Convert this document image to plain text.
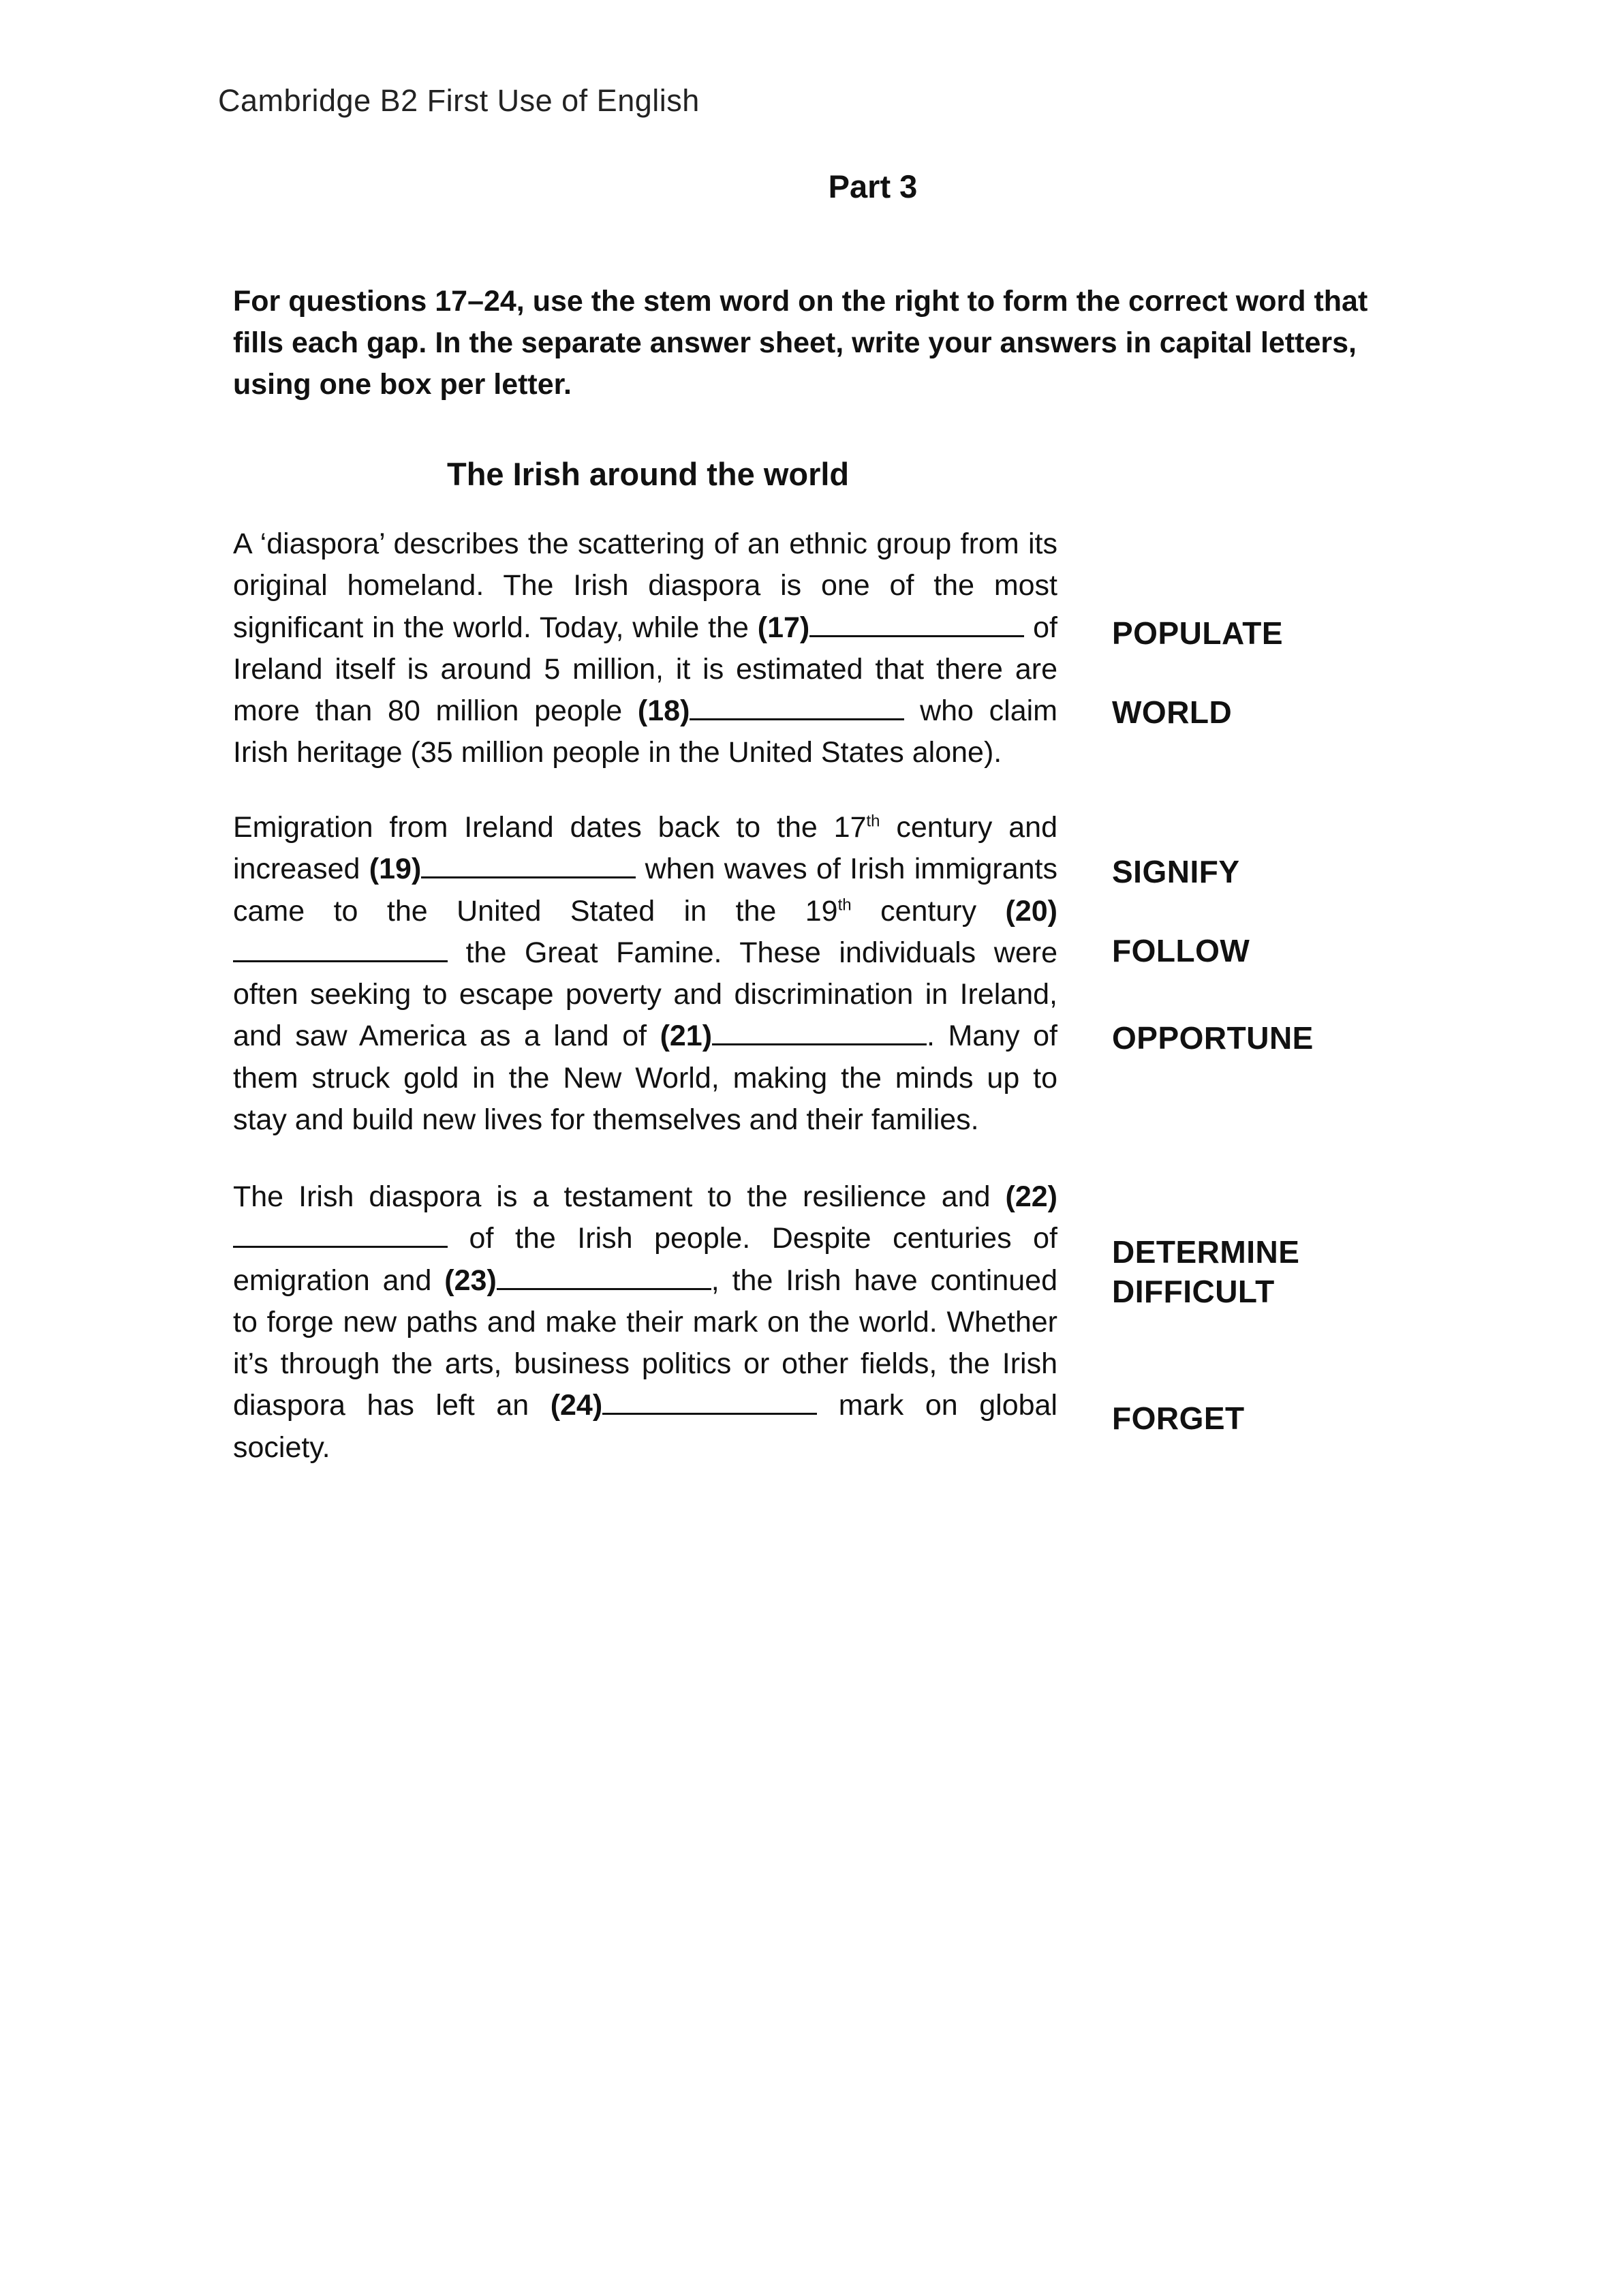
Cambridge B2 First Use of English
Part 3
For questions 17–24, use the stem word on the right to form the correct word that fills each gap. In the separate answer sheet, write your answers in capital letters, using one box per letter.
The Irish around the world
A ‘diaspora’ describes the scattering of an ethnic group from its original homeland. The Irish diaspora is one of the most significant in the world. Today, while the (17)	of Ireland itself is around 5 million, it is estimated that there are more than 80 million people (18)	who claim Irish heritage (35 million people in the United States alone).
Emigration from Ireland dates back to the 17th century and increased (19)	when waves of Irish immigrants came to the United Stated in the 19th century (20) the Great Famine. These individuals were often seeking to escape poverty and discrimination in Ireland, and saw America as a land of (21)	. Many of them struck gold in the New World, making the minds up to stay and build new lives for themselves and their families.
The Irish diaspora is a testament to the resilience and (22) of the Irish people. Despite centuries of emigration and (23)	, the Irish have continued to forge new paths and make their mark on the world. Whether it’s through the arts, business politics or other fields, the Irish diaspora has left an (24)	mark on global society.
POPULATE
WORLD
SIGNIFY
FOLLOW
OPPORTUNE
DETERMINE
DIFFICULT
FORGET
